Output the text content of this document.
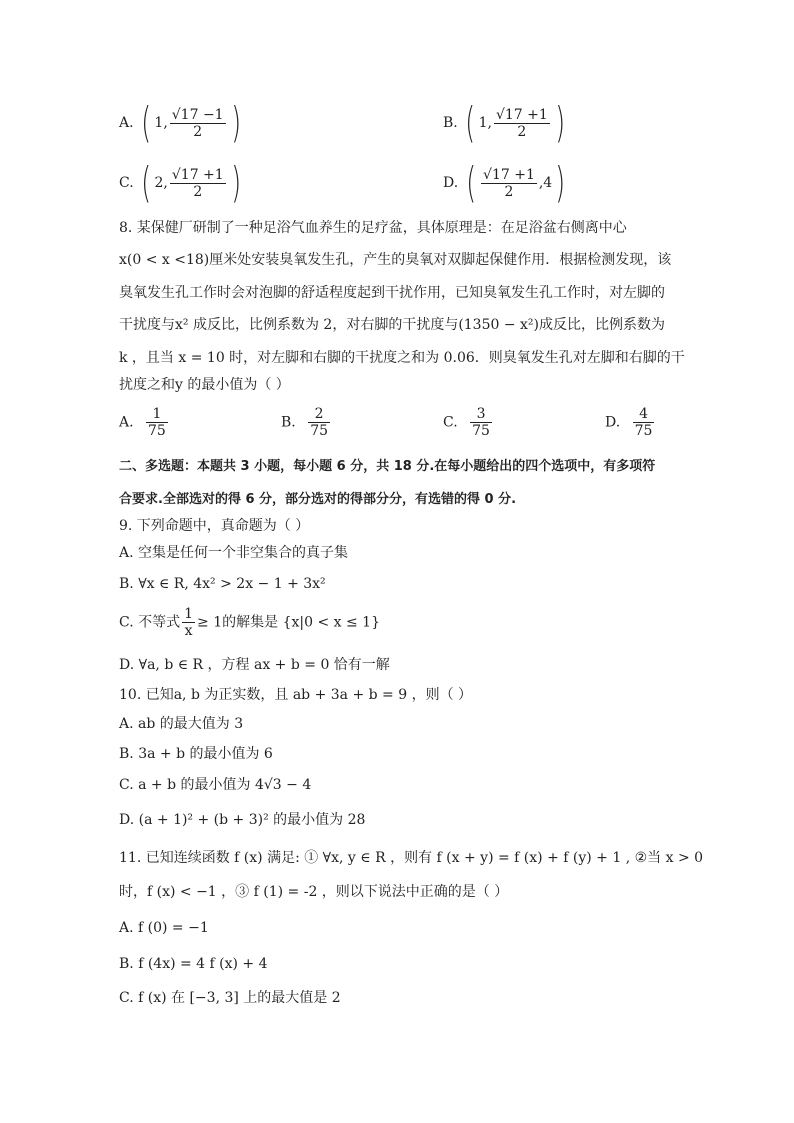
A. ( 1, $\frac{√17 -1}{2}$ )	B. ( 1, $\frac{√17 +1}{2}$ )
C. ( 2, $\frac{√17 +1}{2}$ )	D. ( $\frac{√17 +1}{2} ,4$)
8. 某保健厂研制了一种足浴气血养生的足疗盆，具体原理是：在足浴盆右侧离中心
x(0 < x <18)厘米处安装臭氧发生孔，产生的臭氧对双脚起保健作用．根据检测发现，该
臭氧发生孔工作时会对泡脚的舒适程度起到干扰作用，已知臭氧发生孔工作时，对左脚的
干扰度与x² 成反比，比例系数为 2，对右脚的干扰度与(1350 − x²)成反比，比例系数为
k ，且当 x = 10 时，对左脚和右脚的干扰度之和为 0.06．则臭氧发生孔对左脚和右脚的干
扰度之和y 的最小值为（ ）
A. $\frac{1}{75}$	B. $\frac{2}{75}$	C. $\frac{3}{75}$	D. $\frac{4}{75}$
二、多选题：本题共 3 小题，每小题 6 分，共 18 分.在每小题给出的四个选项中，有多项符
合要求.全部选对的得 6 分，部分选对的得部分分，有选错的得 0 分.
9. 下列命题中，真命题为（ ）
A. 空集是任何一个非空集合的真子集
B. ∀x ∈ R, 4x² > 2x − 1 + 3x²
C. 不等式 $\frac{1}{x} \ge 1$的解集是 {x|0 < x ≤ 1}
D. ∀a, b ∈ R ，方程 ax + b = 0 恰有一解
10. 已知a, b 为正实数，且 ab + 3a + b = 9 ，则（ ）
A. ab 的最大值为 3
B. 3a + b 的最小值为 6
C. a + b 的最小值为 4√3 − 4
D. (a + 1)² + (b + 3)² 的最小值为 28
11. 已知连续函数 f (x) 满足: ① ∀x, y ∈ R ，则有 f (x + y) = f (x) + f (y) + 1 , ②当 x > 0
时，f (x) < −1 ，③ f (1) = -2 ，则以下说法中正确的是（ ）
A. f (0) = −1
B. f (4x) = 4 f (x) + 4
C. f (x) 在 [−3, 3] 上的最大值是 2
